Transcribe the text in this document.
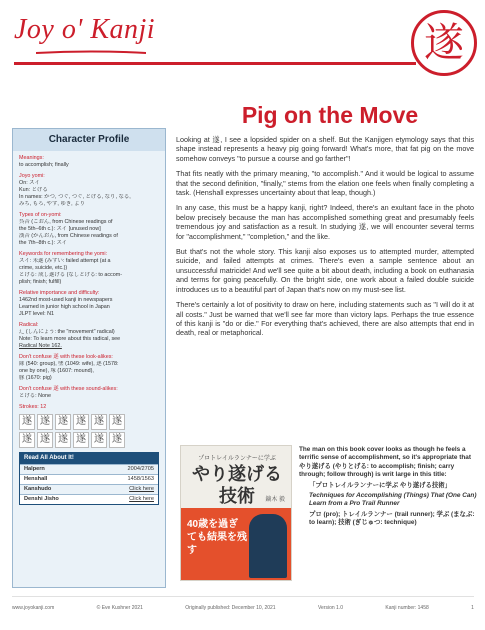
Joy o' Kanji	遂
Pig on the Move
Character Profile
Meanings:
to accomplish; finally
Joyo yomi:
On: スイ
Kun: とげる
In names: かつ, つぐ, つぐ, とげる, なり, なる,
みち, もろ, やす, ゆき, より
Types of on-yomi:
呉音 (ごおん, from Chinese readings of
the 5th–6th c.): スイ [unused now]
漢音 (かんおん, from Chinese readings of
the 7th–8th c.): スイ
Keywords for remembering the yomi:
スイ: 未遂 (みすい: failed attempt (at a
crime, suicide, etc.))
とげる: 成し遂げる (なしとげる: to accom-
plish; finish; fulfill)
Relative importance and difficulty:
1462nd most-used kanji in newspapers
Learned in junior high school in Japan
JLPT level: N1
Radical:
⻌ (しんにょう: the "movement" radical)
Note: To learn more about this radical, see
Radical Note 162.
Don't confuse 遂 with these look-alikes:
隊 (540: group), 墜 (1049: wife), 逐 (1578:
one by one), 塚 (1607: mound),
豚 (1670: pig)
Don't confuse 遂 with these sound-alikes:
とげる: None
Strokes: 12
遂 遂 遂 遂 遂 遂
遂 遂 遂 遂 遂 遂
Read All About It!
Halpern	2004/2705
Henshall	1458/1563
Kanshudo	Click here
Denshi Jisho	Click here

Looking at 遂, I see a lopsided spider on a shelf. But the Kanjigen etymology says that this shape instead represents a heavy pig going forward! What's more, that fat pig on the move somehow conveys "to pursue a course and go farther"!

That fits neatly with the primary meaning, "to accomplish." And it would be logical to assume that the second definition, "finally," stems from the elation one feels when finally completing a task. (Henshall expresses uncertainty about that leap, though.)

In any case, this must be a happy kanji, right? Indeed, there's an exultant face in the photo below precisely because the man has accomplished something great and presumably feels tremendous joy and satisfaction as a result. In studying 遂, we will encounter several terms for "accomplishment," "completion," and the like.

But that's not the whole story. This kanji also exposes us to attempted murder, attempted suicide, and failed attempts at crimes. There's even a sample sentence about an unsuccessful matricide! And we'll see quite a bit about death, including a book on euthanasia and terms for going peacefully. On the bright side, one work about a failed double suicide introduces us to a beautiful part of Japan that's now on my must-see list.

There's certainly a lot of positivity to draw on here, including statements such as "I will do it at all costs." Just be warned that we'll see far more than victory laps. Perhaps the true essence of this kanji is "do or die." For everything that's achieved, there are also attempts that end in death, real or metaphorical.

プロトレイルランナーに学ぶ
やり遂げる
技術	鏑木 毅
40歳を過ぎても結果を残す

The man on this book cover looks as though he feels a terrific sense of accomplishment, so it's appropriate that やり遂げる (やりとげる: to accomplish; finish; carry through; follow through) is writ large in this title:

「プロトレイルランナーに学ぶ やり遂げる技術」

Techniques for Accomplishing (Things) That (One Can) Learn from a Pro Trail Runner

プロ (pro); トレイルランナー (trail runner); 学ぶ (まなぶ: to learn); 技術 (ぎじゅつ: technique)

www.joyokanji.com	© Eve Kushner 2021	Originally published: December 10, 2021	Version 1.0	Kanji number: 1458	1
